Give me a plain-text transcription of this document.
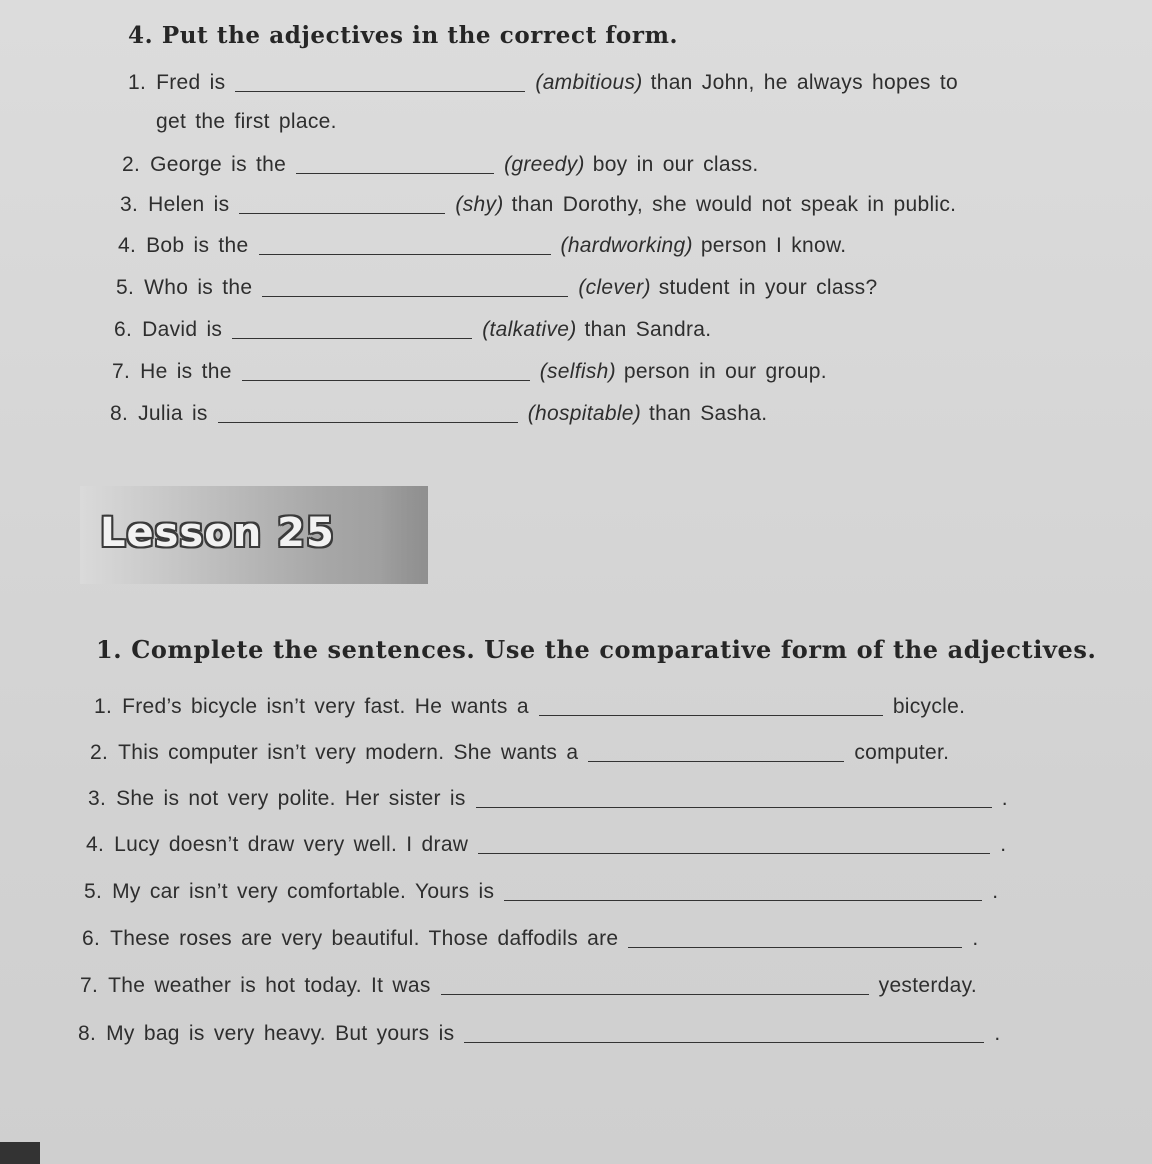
4. Put the adjectives in the correct form.
1. Fred is	(ambitious) than John, he always hopes to
get the first place.
2. George is the	(greedy) boy in our class.
3. Helen is	(shy) than Dorothy, she would not speak in public.
4. Bob is the	(hardworking) person I know.
5. Who is the	(clever) student in your class?
6. David is	(talkative) than Sandra.
7. He is the	(selfish) person in our group.
8. Julia is	(hospitable) than Sasha.
Lesson 25
1. Complete the sentences. Use the comparative form of the adjectives.
1. Fred’s bicycle isn’t very fast. He wants a	bicycle.
2. This computer isn’t very modern. She wants a	computer.
3. She is not very polite. Her sister is	.
4. Lucy doesn’t draw very well. I draw	.
5. My car isn’t very comfortable. Yours is	.
6. These roses are very beautiful. Those daffodils are	.
7. The weather is hot today. It was	yesterday.
8. My bag is very heavy. But yours is	.
